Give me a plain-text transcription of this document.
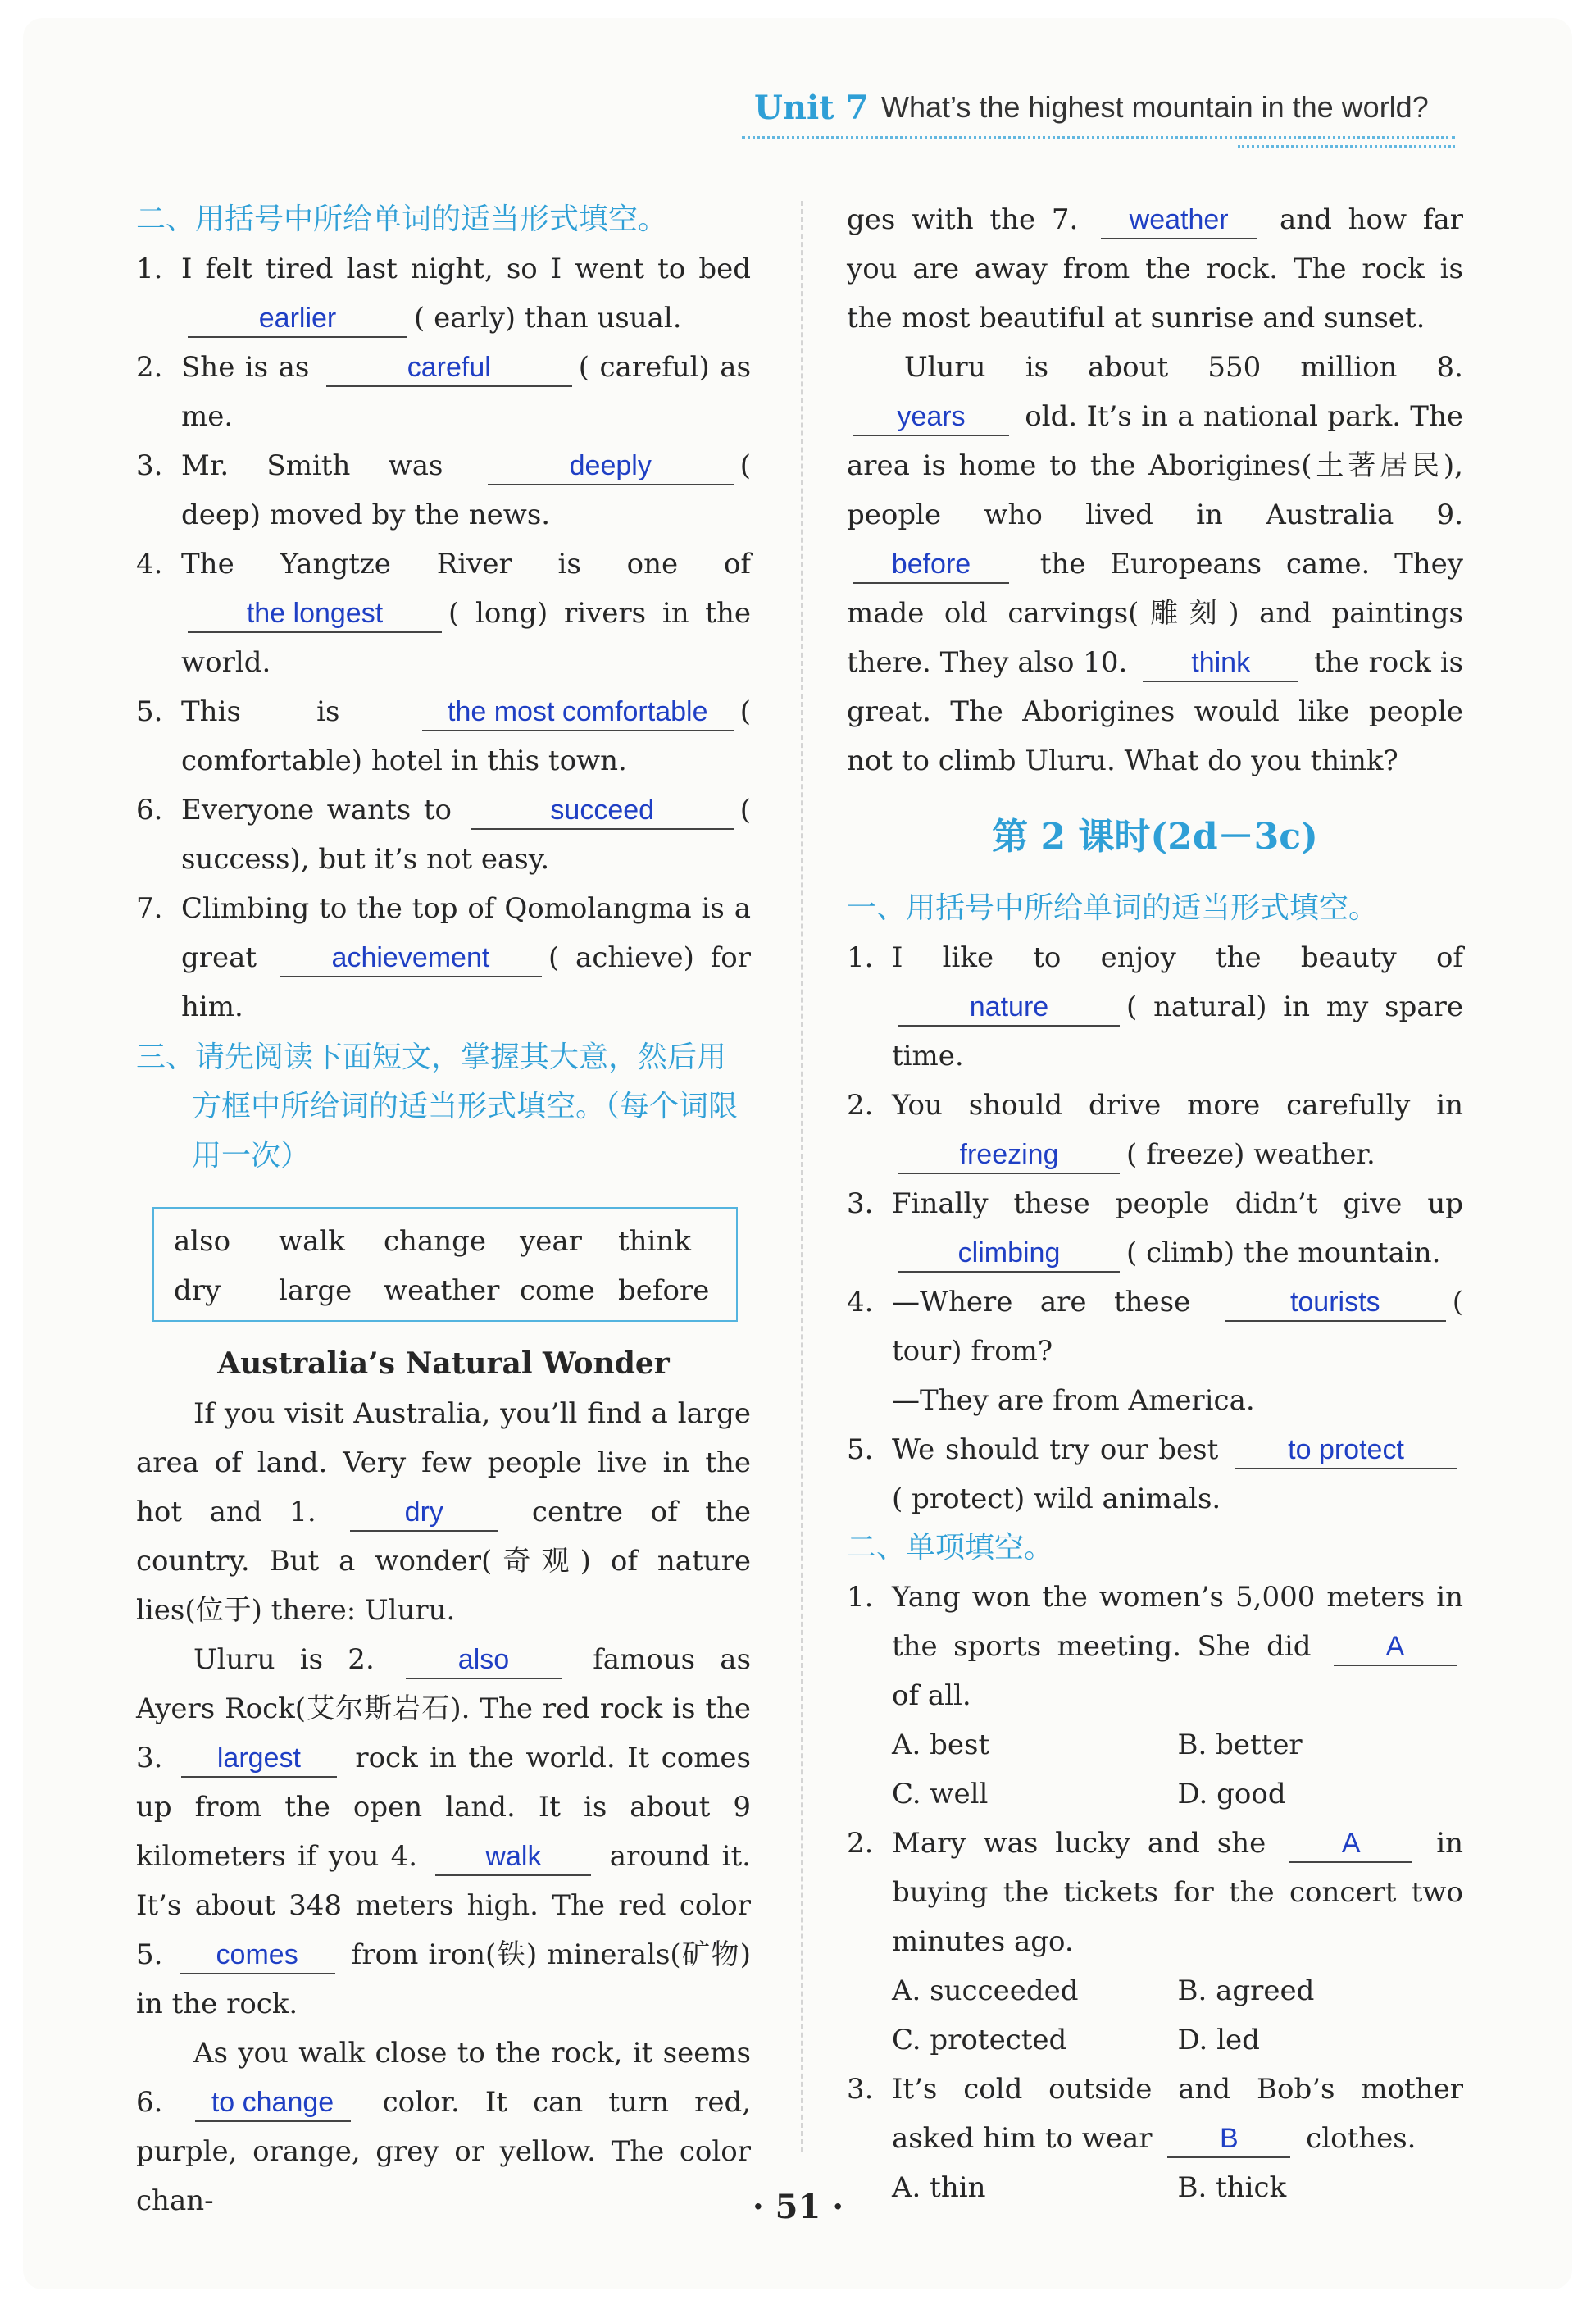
Unit 7 What’s the highest mountain in the world?
二、用括号中所给单词的适当形式填空。
1. I felt tired last night, so I went to bed earlier	( early) than usual.
2. She is as	careful	( careful) as me.
3. Mr. Smith was	deeply	( deep) moved by the news.
4. The Yangtze River is one of the longest ( long) rivers in the world.
5. This is	the most comfortable ( comfortable) hotel in this town.
6. Everyone wants to	succeed	( success), but it’s not easy.
7. Climbing to the top of Qomolangma is a great	achievement ( achieve) for him.
三、请先阅读下面短文，掌握其大意，然后用方框中所给词的适当形式填空。（每个词限用一次）
also	walk	change	year	think
dry	large	weather come before
Australia’s Natural Wonder
If you visit Australia, you’ll find a large area of land. Very few people live in the hot and 1.	dry	centre of the country. But a wonder(奇观) of nature lies(位于) there: Uluru.
Uluru is 2.	also	famous as Ayers Rock(艾尔斯岩石). The red rock is the 3. largest rock in the world. It comes up from the open land. It is about 9 kilometers if you 4. walk around it. It’s about 348 meters high. The red color 5. comes from iron(铁) minerals(矿物) in the rock.
As you walk close to the rock, it seems 6. to change color. It can turn red, purple, orange, grey or yellow. The color chan-
ges with the 7. weather and how far you are away from the rock. The rock is the most beautiful at sunrise and sunset.
Uluru is about 550 million 8. years old. It’s in a national park. The area is home to the Aborigines(土著居民), people who lived in Australia 9. before the Europeans came. They made old carvings(雕刻) and paintings there. They also 10. think the rock is great. The Aborigines would like people not to climb Uluru. What do you think?
第 2 课时(2d－3c)
一、用括号中所给单词的适当形式填空。
1. I like to enjoy the beauty of nature	( natural) in my spare time.
2. You should drive more carefully in freezing ( freeze) weather.
3. Finally these people didn’t give up climbing ( climb) the mountain.
4. —Where are these	tourists	( tour) from?
—They are from America.
5. We should try our best to protect( protect) wild animals.
二、单项填空。
1. Yang won the women’s 5,000 meters in the sports meeting. She did	A of all.
A. best	B. better
C. well	D. good
2. Mary was lucky and she	A	in buying the tickets for the concert two minutes ago.
A. succeeded	B. agreed
C. protected	D. led
3. It’s cold outside and Bob’s mother asked him to wear B clothes.
A. thin	B. thick
· 51 ·
